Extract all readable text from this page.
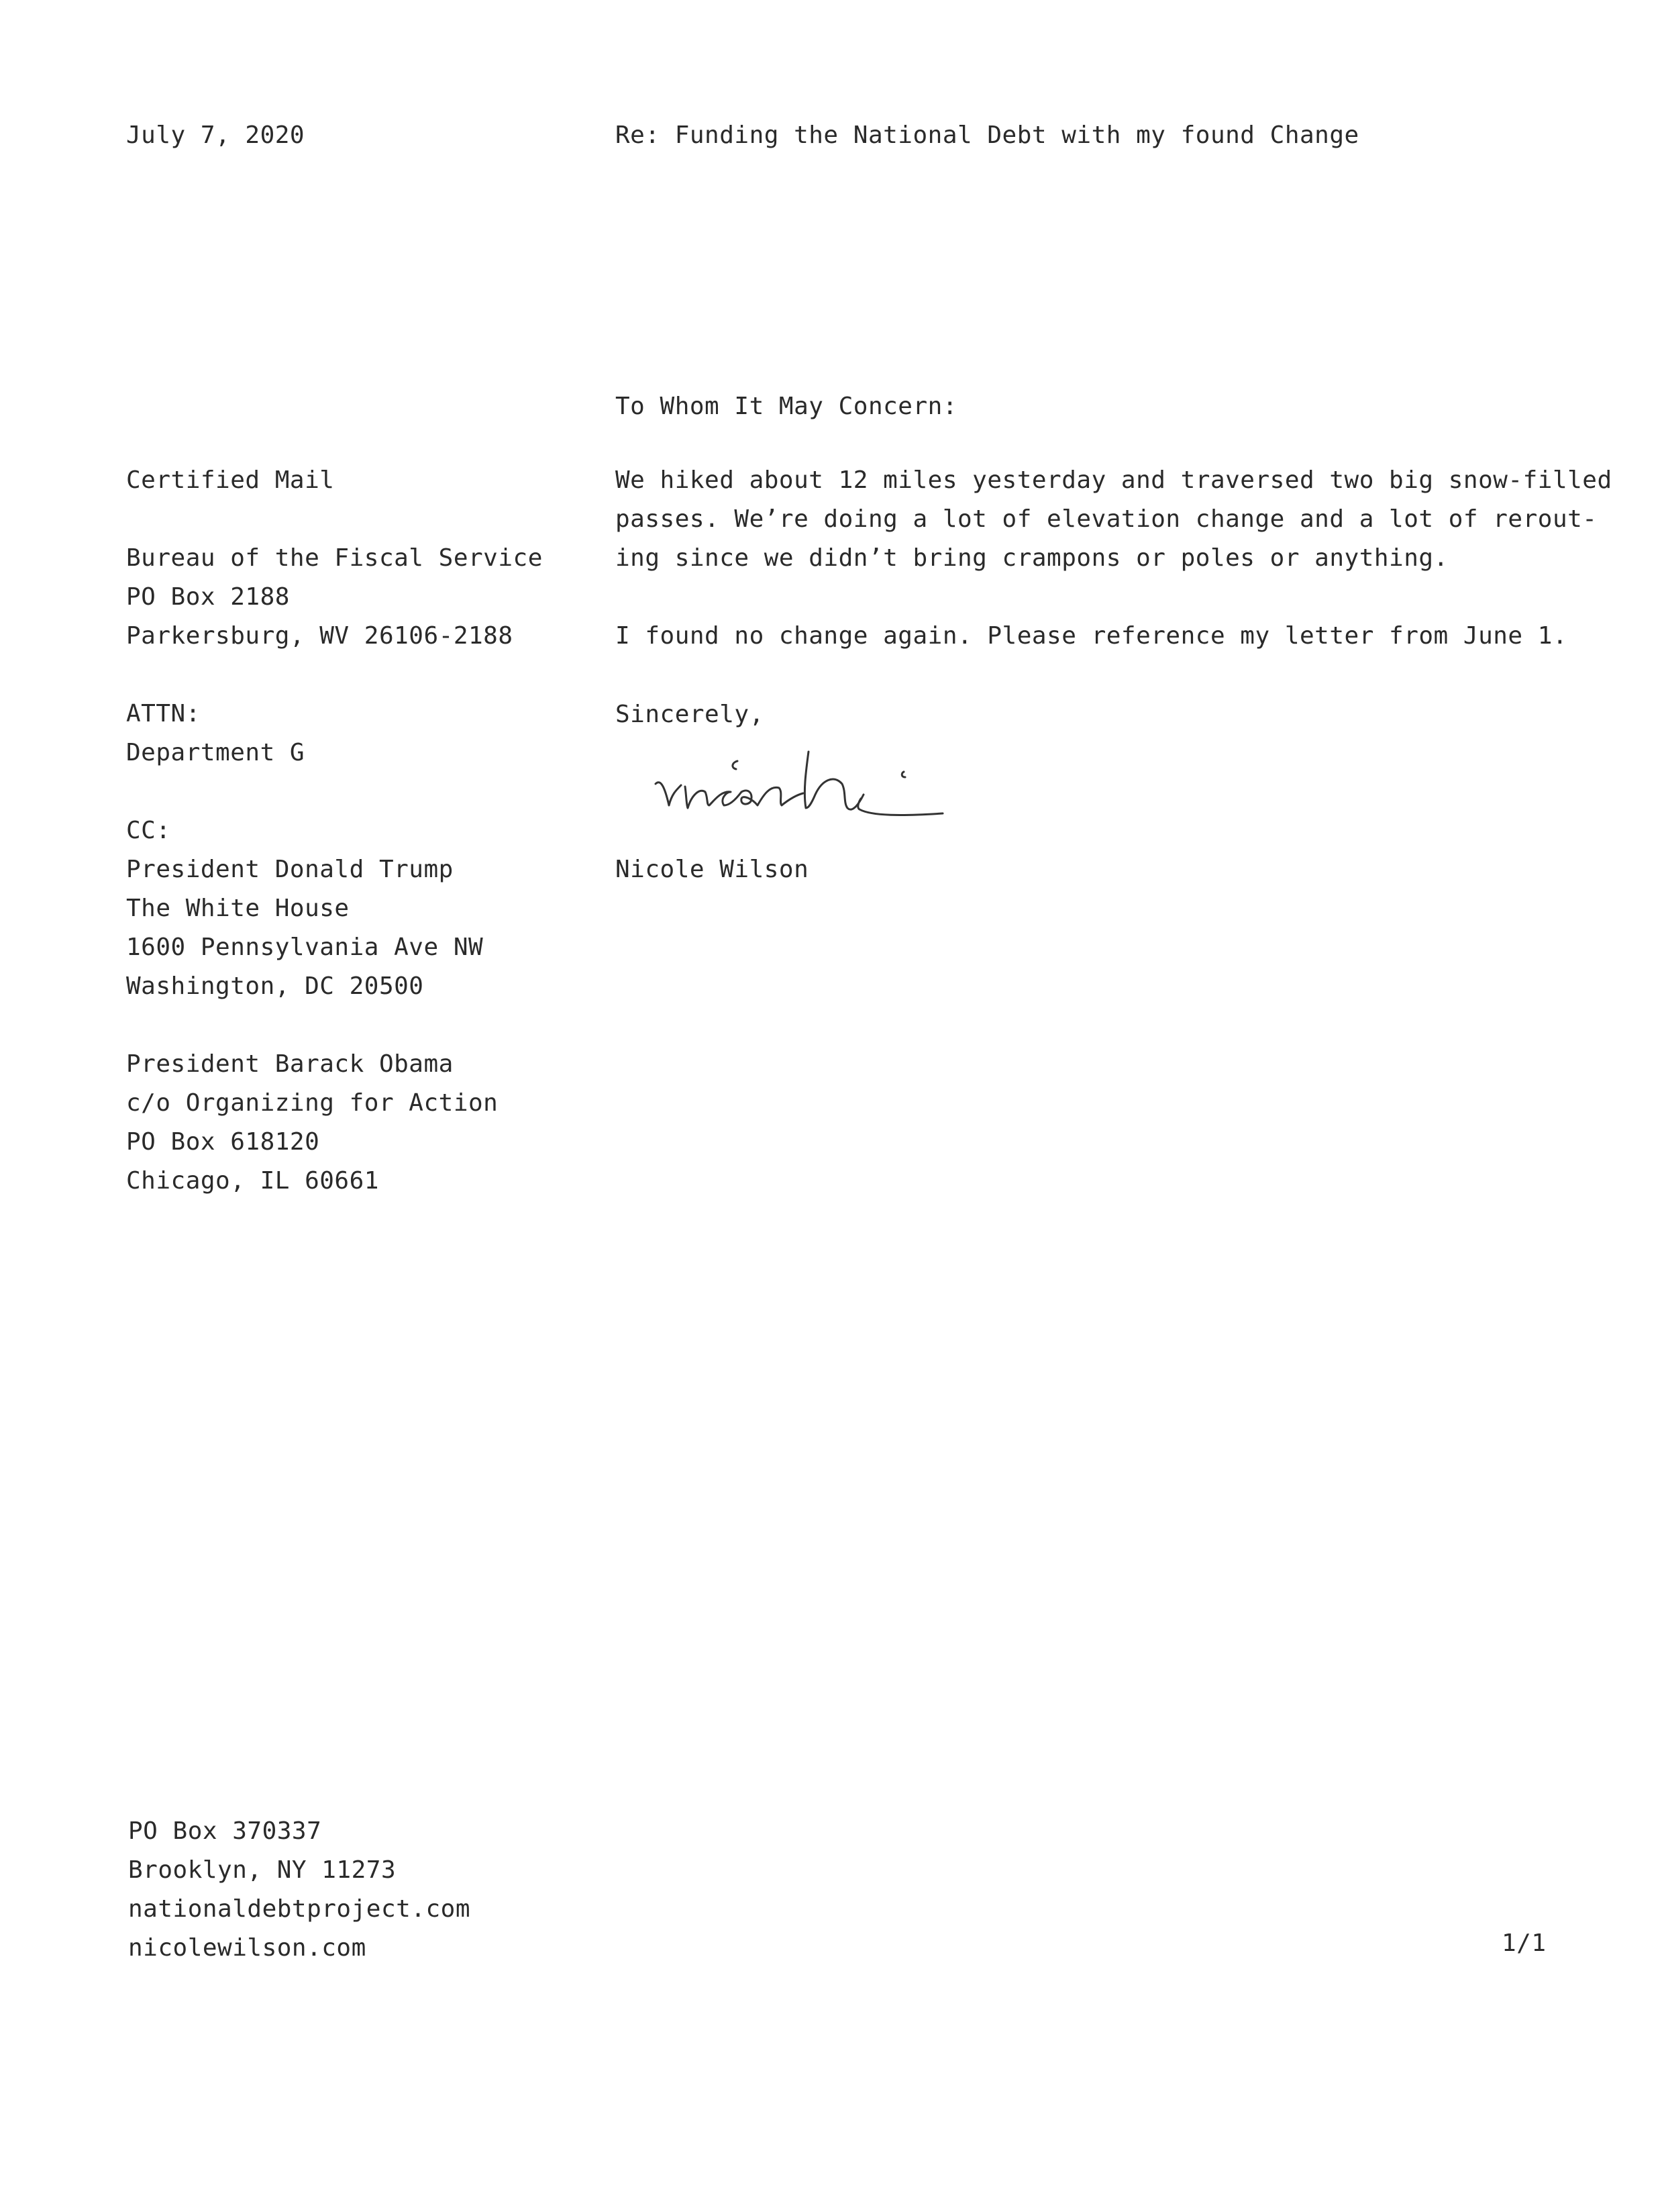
July 7, 2020	Re: Funding the National Debt with my found Change
To Whom It May Concern:
Certified Mail
Bureau of the Fiscal Service
PO Box 2188
Parkersburg, WV 26106-2188
ATTN:
Department G
CC:
President Donald Trump
The White House
1600 Pennsylvania Ave NW
Washington, DC 20500
President Barack Obama
c/o Organizing for Action
PO Box 618120
Chicago, IL 60661
We hiked about 12 miles yesterday and traversed two big snow-filled
passes. We’re doing a lot of elevation change and a lot of rerout-
ing since we didn’t bring crampons or poles or anything.
I found no change again. Please reference my letter from June 1.
Sincerely,
Nicole Wilson
PO Box 370337
Brooklyn, NY 11273
nationaldebtproject.com
nicolewilson.com	1/1
